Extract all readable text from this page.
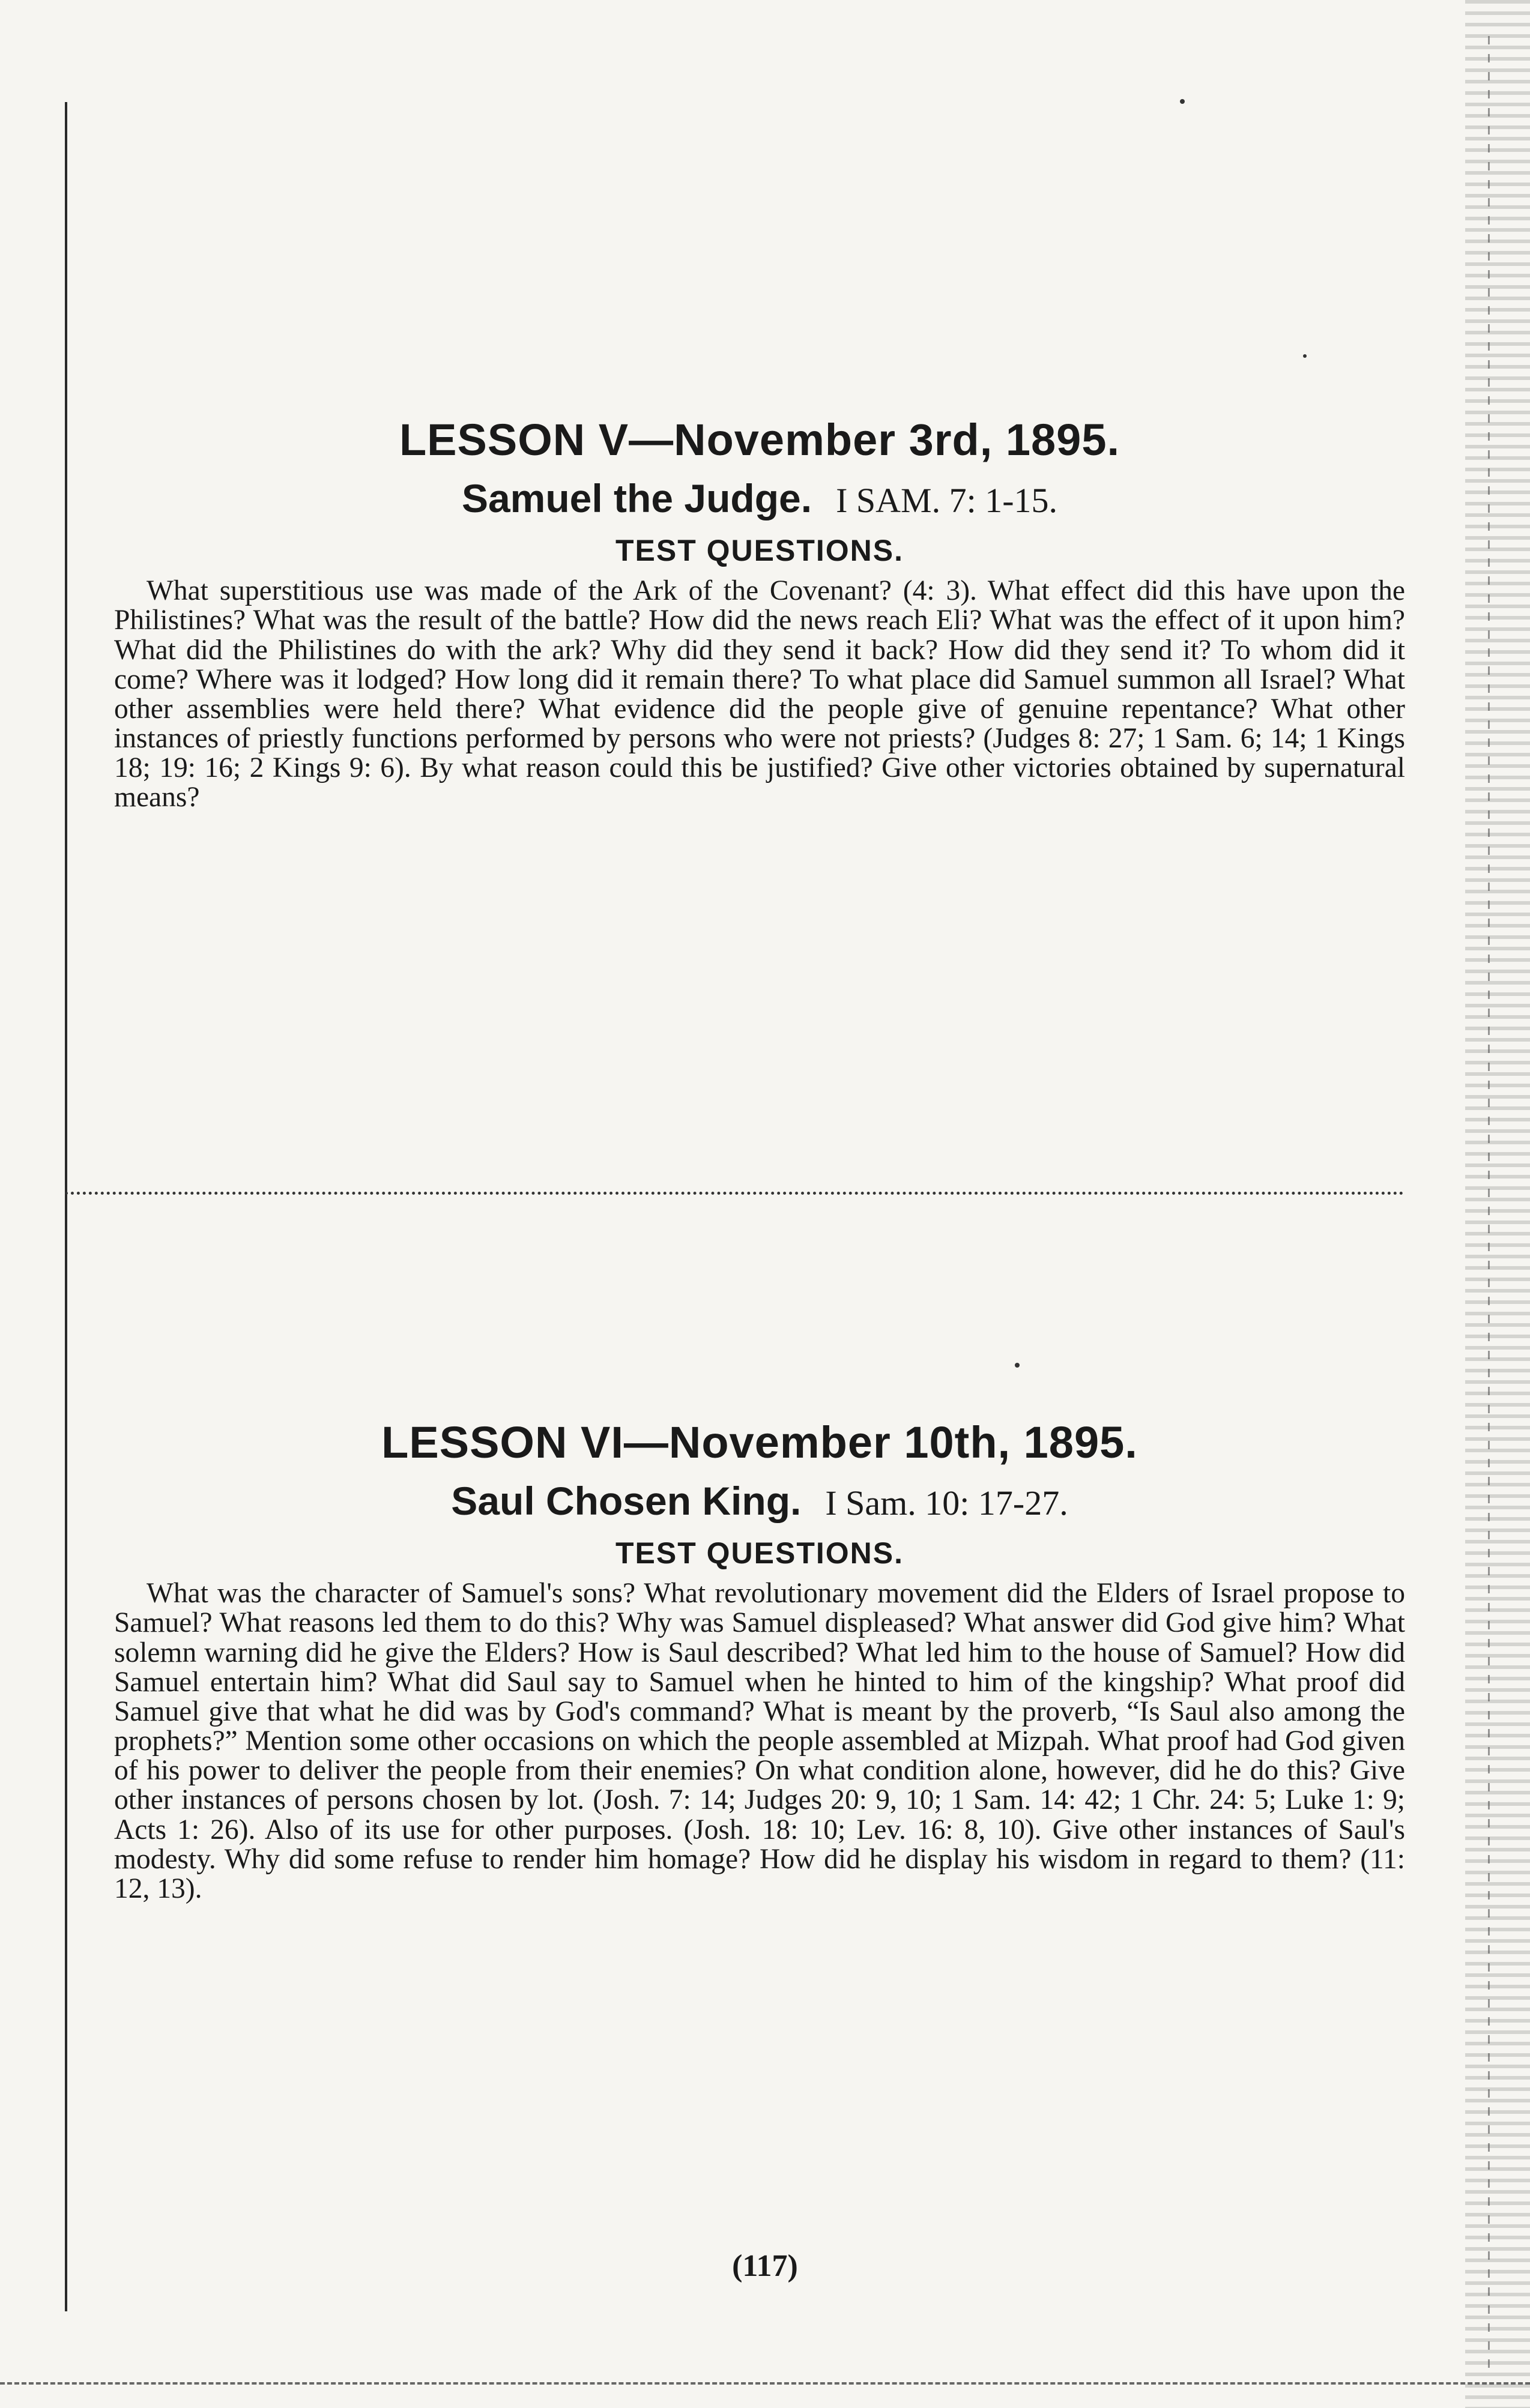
LESSON V—November 3rd, 1895.
Samuel the Judge. I SAM. 7: 1-15.
TEST QUESTIONS.

What superstitious use was made of the Ark of the Covenant? (4: 3). What effect did this have upon the Philistines? What was the result of the battle? How did the news reach Eli? What was the effect of it upon him? What did the Philistines do with the ark? Why did they send it back? How did they send it? To whom did it come? Where was it lodged? How long did it remain there? To what place did Samuel summon all Israel? What other assemblies were held there? What evidence did the people give of genuine repentance? What other instances of priestly functions performed by persons who were not priests? (Judges 8: 27; 1 Sam. 6; 14; 1 Kings 18; 19: 16; 2 Kings 9: 6). By what reason could this be justified? Give other victories obtained by supernatural means?

LESSON VI—November 10th, 1895.
Saul Chosen King. I Sam. 10: 17-27.
TEST QUESTIONS.

What was the character of Samuel's sons? What revolutionary movement did the Elders of Israel propose to Samuel? What reasons led them to do this? Why was Samuel displeased? What answer did God give him? What solemn warning did he give the Elders? How is Saul described? What led him to the house of Samuel? How did Samuel entertain him? What did Saul say to Samuel when he hinted to him of the kingship? What proof did Samuel give that what he did was by God's command? What is meant by the proverb, “Is Saul also among the prophets?” Mention some other occasions on which the people assembled at Mizpah. What proof had God given of his power to deliver the people from their enemies? On what condition alone, however, did he do this? Give other instances of persons chosen by lot. (Josh. 7: 14; Judges 20: 9, 10; 1 Sam. 14: 42; 1 Chr. 24: 5; Luke 1: 9; Acts 1: 26). Also of its use for other purposes. (Josh. 18: 10; Lev. 16: 8, 10). Give other instances of Saul's modesty. Why did some refuse to render him homage? How did he display his wisdom in regard to them? (11: 12, 13).

(117)
